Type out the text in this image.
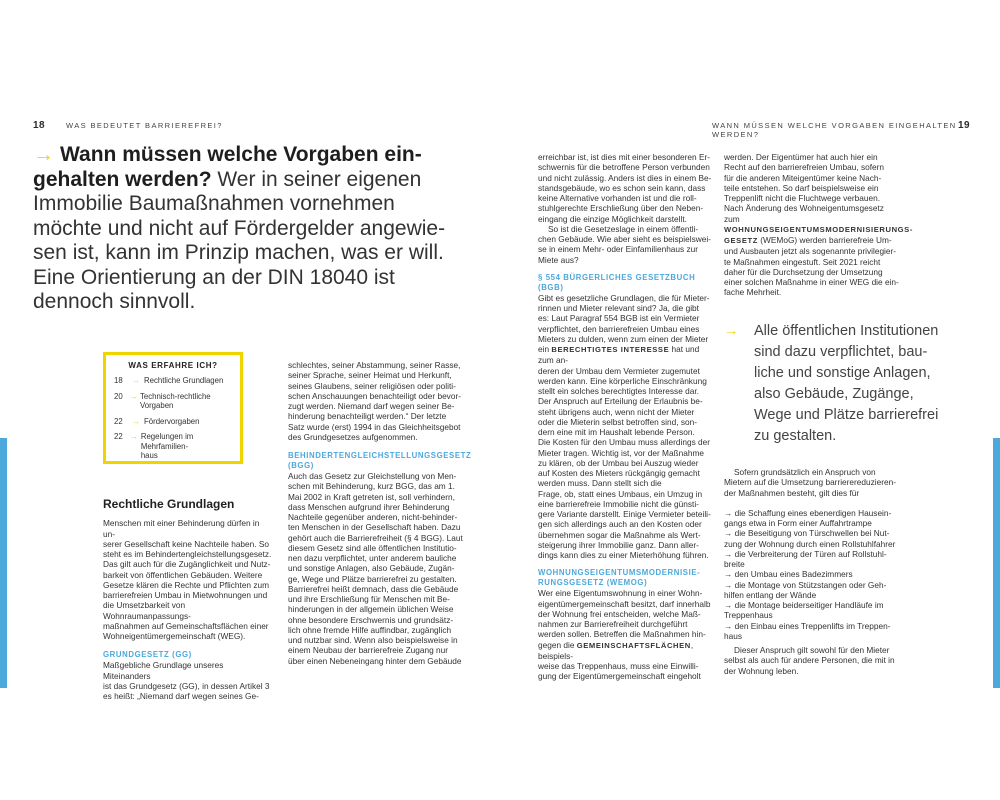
18	WAS BEDEUTET BARRIEREFREI?	WANN MÜSSEN WELCHE VORGABEN EINGEHALTEN WERDEN?
19
→ Wann müssen welche Vorgaben ein-
gehalten werden? Wer in seiner eigenen
Immobilie Baumaßnahmen vornehmen
möchte und nicht auf Fördergelder angewie-
sen ist, kann im Prinzip machen, was er will.
Eine Orientierung an der DIN 18040 ist
dennoch sinnvoll.
WAS ERFAHRE ICH?
18	→ Rechtliche Grundlagen
20 → Technisch-rechtliche Vorgaben
22	→ Fördervorgaben
22 → Regelungen im Mehrfamilien-
haus
Rechtliche Grundlagen

Menschen mit einer Behinderung dürfen in un-

serer Gesellschaft keine Nachteile haben. So

steht es im Behindertengleichstellungsgesetz.

Das gilt auch für die Zugänglichkeit und Nutz-

barkeit von öffentlichen Gebäuden. Weitere

Gesetze klären die Rechte und Pflichten zum

barrierefreien Umbau in Mietwohnungen und

die Umsetzbarkeit von Wohnraumanpassungs-

maßnahmen auf Gemeinschaftsflächen einer

Wohneigentümergemeinschaft (WEG).

GRUNDGESETZ (GG)

Maßgebliche Grundlage unseres Miteinanders

ist das Grundgesetz (GG), in dessen Artikel 3

es heißt: „Niemand darf wegen seines Ge-

schlechtes, seiner Abstammung, seiner Rasse,

seiner Sprache, seiner Heimat und Herkunft,

seines Glaubens, seiner religiösen oder politi-

schen Anschauungen benachteiligt oder bevor-

zugt werden. Niemand darf wegen seiner Be-

hinderung benachteiligt werden.“ Der letzte

Satz wurde (erst) 1994 in das Gleichheitsgebot

des Grundgesetzes aufgenommen.

BEHINDERTENGLEICHSTELLUNGSGESETZ
(BGG)

Auch das Gesetz zur Gleichstellung von Men-

schen mit Behinderung, kurz BGG, das am 1.

Mai 2002 in Kraft getreten ist, soll verhindern,

dass Menschen aufgrund ihrer Behinderung

Nachteile gegenüber anderen, nicht-behinder-

ten Menschen in der Gesellschaft haben. Dazu

gehört auch die Barrierefreiheit (§ 4 BGG). Laut

diesem Gesetz sind alle öffentlichen Institutio-

nen dazu verpflichtet, unter anderem bauliche

und sonstige Anlagen, also Gebäude, Zugän-

ge, Wege und Plätze barrierefrei zu gestalten.

Barrierefrei heißt demnach, dass die Gebäude

und ihre Erschließung für Menschen mit Be-

hinderungen in der allgemein üblichen Weise

ohne besondere Erschwernis und grundsätz-

lich ohne fremde Hilfe auffindbar, zugänglich

und nutzbar sind. Wenn also beispielsweise in

einem Neubau der barrierefreie Zugang nur

über einen Nebeneingang hinter dem Gebäude

erreichbar ist, ist dies mit einer besonderen Er-

schwernis für die betroffene Person verbunden

und nicht zulässig. Anders ist dies in einem Be-

standsgebäude, wo es schon sein kann, dass

keine Alternative vorhanden ist und die roll-

stuhlgerechte Erschließung über den Neben-

eingang die einzige Möglichkeit darstellt.

So ist die Gesetzeslage in einem öffentli-

chen Gebäude. Wie aber sieht es beispielswei-

se in einem Mehr- oder Einfamilienhaus zur

Miete aus?

§ 554 BÜRGERLICHES GESETZBUCH (BGB)

Gibt es gesetzliche Grundlagen, die für Mieter-

rinnen und Mieter relevant sind? Ja, die gibt

es: Laut Paragraf 554 BGB ist ein Vermieter

verpflichtet, den barrierefreien Umbau eines

Mieters zu dulden, wenn zum einen der Mieter

ein BERECHTIGTES INTERESSE hat und zum an-

deren der Umbau dem Vermieter zugemutet

werden kann. Eine körperliche Einschränkung

stellt ein solches berechtigtes Interesse dar.

Der Anspruch auf Erteilung der Erlaubnis be-

steht übrigens auch, wenn nicht der Mieter

oder die Mieterin selbst betroffen sind, son-

dern eine mit im Haushalt lebende Person.

Die Kosten für den Umbau muss allerdings der

Mieter tragen. Wichtig ist, vor der Maßnahme

zu klären, ob der Umbau bei Auszug wieder

auf Kosten des Mieters rückgängig gemacht

werden muss. Dann stellt sich die

Frage, ob, statt eines Umbaus, ein Umzug in

eine barrierefreie Immobilie nicht die günsti-

gere Variante darstellt. Einige Vermieter beteili-

gen sich allerdings auch an den Kosten oder

übernehmen sogar die Maßnahme als Wert-

steigerung ihrer Immobilie ganz. Dann aller-

dings kann dies zu einer Mieterhöhung führen.

WOHNUNGSEIGENTUMSMODERNISIE-
RUNGSGESETZ (WEMOG)

Wer eine Eigentumswohnung in einer Wohn-

eigentümergemeinschaft besitzt, darf innerhalb

der Wohnung frei entscheiden, welche Maß-

nahmen zur Barrierefreiheit durchgeführt

werden sollen. Betreffen die Maßnahmen hin-

gegen die GEMEINSCHAFTSFLÄCHEN, beispiels-

weise das Treppenhaus, muss eine Einwilli-

gung der Eigentümergemeinschaft eingeholt

werden. Der Eigentümer hat auch hier ein

Recht auf den barrierefreien Umbau, sofern

für die anderen Miteigentümer keine Nach-

teile entstehen. So darf beispielsweise ein

Treppenlift nicht die Fluchtwege verbauen.

Nach Änderung des Wohneigentumsgesetz

zum WOHNUNGSEIGENTUMSMODERNISIERUNGS-

GESETZ (WEMoG) werden barrierefreie Um-

und Ausbauten jetzt als sogenannte privilegier-

te Maßnahmen eingestuft. Seit 2021 reicht

daher für die Durchsetzung der Umsetzung

einer solchen Maßnahme in einer WEG die ein-

fache Mehrheit.

→	Alle öffentlichen Institutionen
sind dazu verpflichtet, bau-
liche und sonstige Anlagen,
also Gebäude, Zugänge,
Wege und Plätze barrierefrei
zu gestalten.

Sofern grundsätzlich ein Anspruch von

Mietern auf die Umsetzung barrierereduzieren-

der Maßnahmen besteht, gilt dies für

→ die Schaffung eines ebenerdigen Hausein-

gangs etwa in Form einer Auffahrtrampe

→ die Beseitigung von Türschwellen bei Nut-

zung der Wohnung durch einen Rollstuhlfahrer

→ die Verbreiterung der Türen auf Rollstuhl-

breite

→ den Umbau eines Badezimmers

→ die Montage von Stützstangen oder Geh-

hilfen entlang der Wände

→ die Montage beiderseitiger Handläufe im

Treppenhaus

→ den Einbau eines Treppenlifts im Treppen-

haus

Dieser Anspruch gilt sowohl für den Mieter

selbst als auch für andere Personen, die mit in

der Wohnung leben.
